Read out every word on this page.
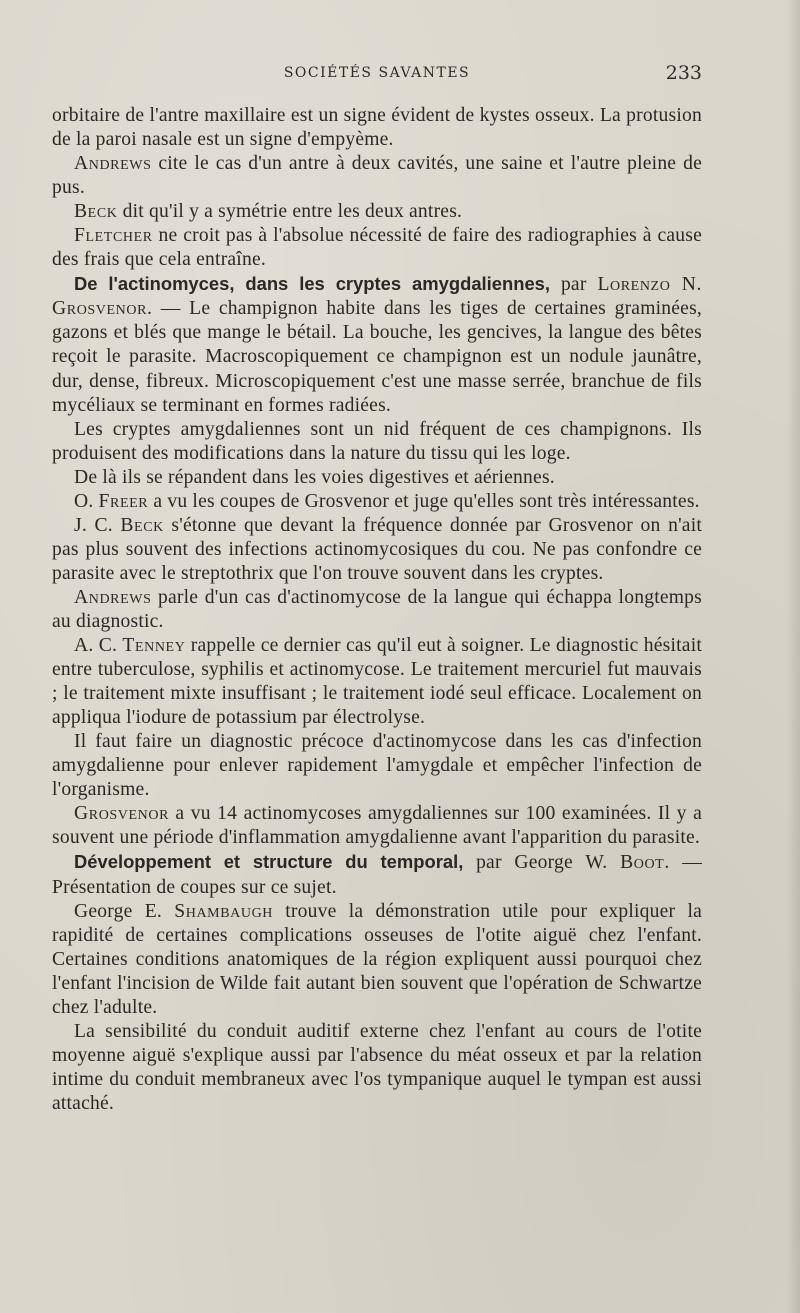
SOCIÉTÉS SAVANTES	233

orbitaire de l'antre maxillaire est un signe évident de kystes osseux. La protusion de la paroi nasale est un signe d'empyème.

Andrews cite le cas d'un antre à deux cavités, une saine et l'autre pleine de pus.

Beck dit qu'il y a symétrie entre les deux antres.

Fletcher ne croit pas à l'absolue nécessité de faire des radiographies à cause des frais que cela entraîne.

De l'actinomyces, dans les cryptes amygdaliennes, par Lorenzo N. Grosvenor. — Le champignon habite dans les tiges de certaines graminées, gazons et blés que mange le bétail. La bouche, les gencives, la langue des bêtes reçoit le parasite. Macroscopiquement ce champignon est un nodule jaunâtre, dur, dense, fibreux. Microscopiquement c'est une masse serrée, branchue de fils mycéliaux se terminant en formes radiées.

Les cryptes amygdaliennes sont un nid fréquent de ces champignons. Ils produisent des modifications dans la nature du tissu qui les loge.

De là ils se répandent dans les voies digestives et aériennes.

O. Freer a vu les coupes de Grosvenor et juge qu'elles sont très intéressantes.

J. C. Beck s'étonne que devant la fréquence donnée par Grosvenor on n'ait pas plus souvent des infections actinomycosiques du cou. Ne pas confondre ce parasite avec le streptothrix que l'on trouve souvent dans les cryptes.

Andrews parle d'un cas d'actinomycose de la langue qui échappa longtemps au diagnostic.

A. C. Tenney rappelle ce dernier cas qu'il eut à soigner. Le diagnostic hésitait entre tuberculose, syphilis et actinomycose. Le traitement mercuriel fut mauvais ; le traitement mixte insuffisant ; le traitement iodé seul efficace. Localement on appliqua l'iodure de potassium par électrolyse.

Il faut faire un diagnostic précoce d'actinomycose dans les cas d'infection amygdalienne pour enlever rapidement l'amygdale et empêcher l'infection de l'organisme.

Grosvenor a vu 14 actinomycoses amygdaliennes sur 100 examinées. Il y a souvent une période d'inflammation amygdalienne avant l'apparition du parasite.

Développement et structure du temporal, par George W. Boot. — Présentation de coupes sur ce sujet.

George E. Shambaugh trouve la démonstration utile pour expliquer la rapidité de certaines complications osseuses de l'otite aiguë chez l'enfant. Certaines conditions anatomiques de la région expliquent aussi pourquoi chez l'enfant l'incision de Wilde fait autant bien souvent que l'opération de Schwartze chez l'adulte.

La sensibilité du conduit auditif externe chez l'enfant au cours de l'otite moyenne aiguë s'explique aussi par l'absence du méat osseux et par la relation intime du conduit membraneux avec l'os tympanique auquel le tympan est aussi attaché.
